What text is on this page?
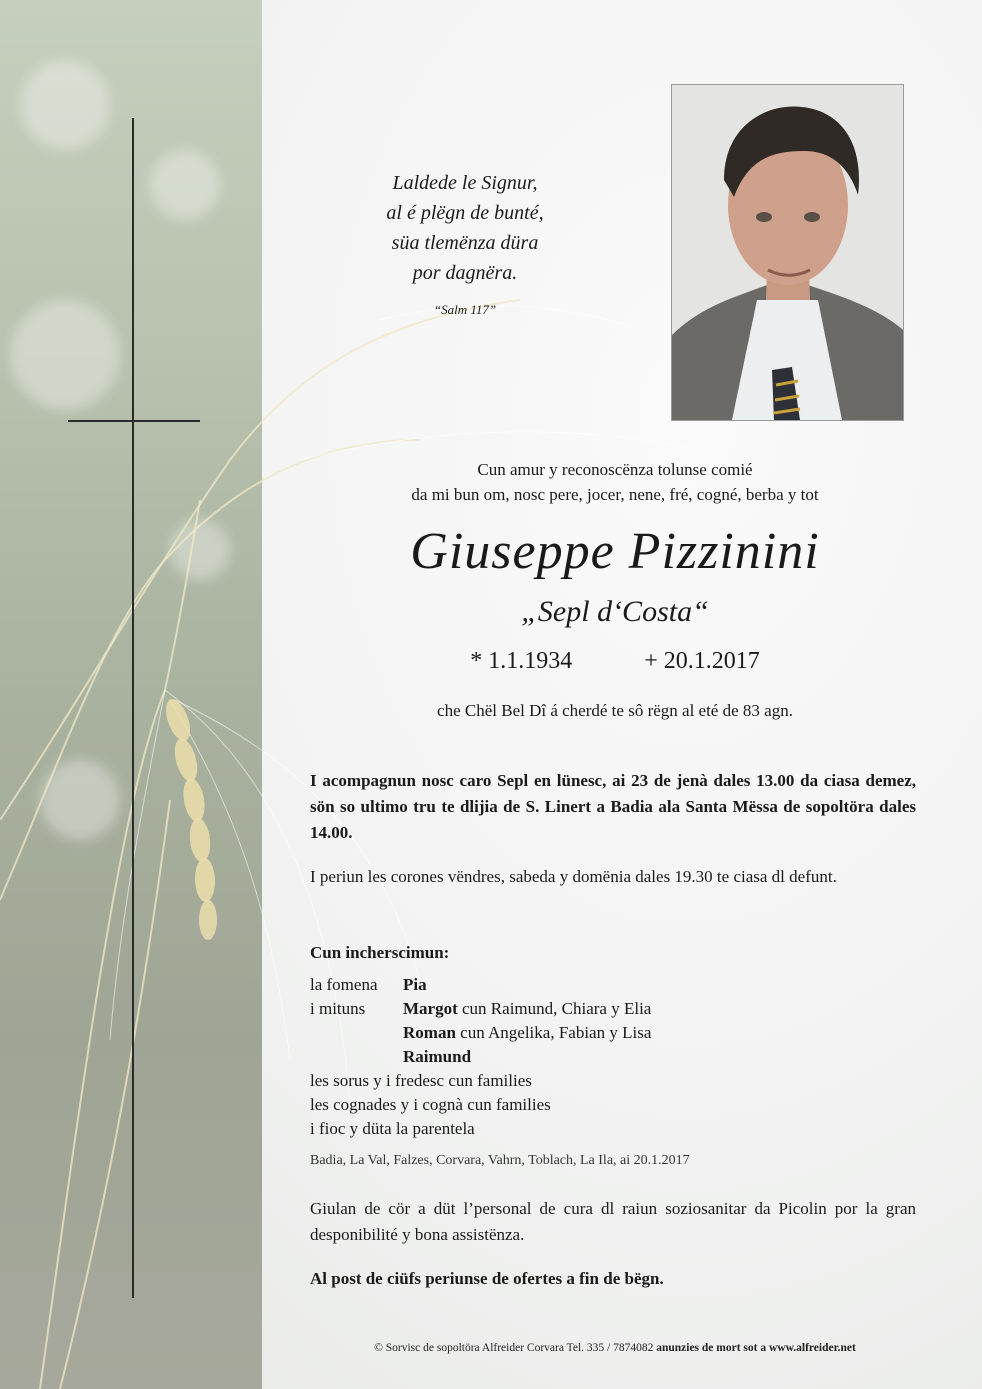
Laldede le Signur,
al é plëgn de bunté,
süa tlemënza düra
por dagnëra.
“Salm 117”
Cun amur y reconoscënza tolunse comié
da mi bun om, nosc pere, jocer, nene, fré, cogné, berba y tot
Giuseppe Pizzinini
„Sepl d‘Costa“
* 1.1.1934	+ 20.1.2017
che Chël Bel Dî á cherdé te sô rëgn al eté de 83 agn.
I acompagnun nosc caro Sepl en lünesc, ai 23 de jenà dales 13.00 da ciasa demez, sön so ultimo tru te dlijia de S. Linert a Badia ala Santa Mëssa de sopoltöra dales 14.00.
I periun les corones vëndres, sabeda y domënia dales 19.30 te ciasa dl defunt.
Cun incherscimun:
la fomena	Pia
i mituns	Margot cun Raimund, Chiara y Elia
Roman cun Angelika, Fabian y Lisa
Raimund
les sorus y i fredesc cun families
les cognades y i cognà cun families
i fioc y düta la parentela
Badia, La Val, Falzes, Corvara, Vahrn, Toblach, La Ila, ai 20.1.2017
Giulan de cör a düt l’personal de cura dl raiun soziosanitar da Picolin por la gran desponibilité y bona assistënza.
Al post de ciüfs periunse de ofertes a fin de bëgn.
© Sorvisc de sopoltöra Alfreider Corvara Tel. 335 / 7874082 anunzies de mort sot a www.alfreider.net
